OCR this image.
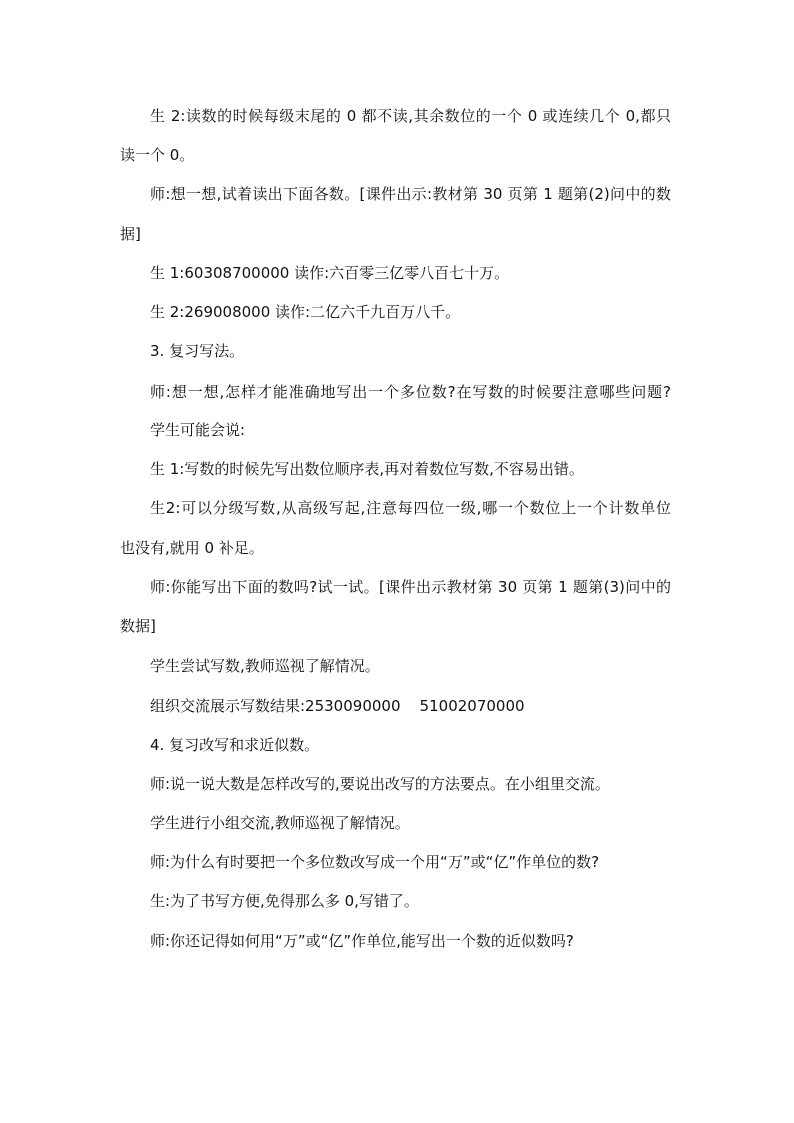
生 2:读数的时候每级末尾的 0 都不读,其余数位的一个 0 或连续几个 0,都只
读一个 0。
师:想一想,试着读出下面各数。[课件出示:教材第 30 页第 1 题第(2)问中的数
据]
生 1:60308700000 读作:六百零三亿零八百七十万。
生 2:269008000 读作:二亿六千九百万八千。
3. 复习写法。
师:想一想,怎样才能准确地写出一个多位数?在写数的时候要注意哪些问题?
学生可能会说:
生 1:写数的时候先写出数位顺序表,再对着数位写数,不容易出错。
生2:可以分级写数,从高级写起,注意每四位一级,哪一个数位上一个计数单位
也没有,就用 0 补足。
师:你能写出下面的数吗?试一试。[课件出示教材第 30 页第 1 题第(3)问中的
数据]
学生尝试写数,教师巡视了解情况。
组织交流展示写数结果:2530090000    51002070000
4. 复习改写和求近似数。
师:说一说大数是怎样改写的,要说出改写的方法要点。在小组里交流。
学生进行小组交流,教师巡视了解情况。
师:为什么有时要把一个多位数改写成一个用“万”或“亿”作单位的数?
生:为了书写方便,免得那么多 0,写错了。
师:你还记得如何用“万”或“亿”作单位,能写出一个数的近似数吗?
